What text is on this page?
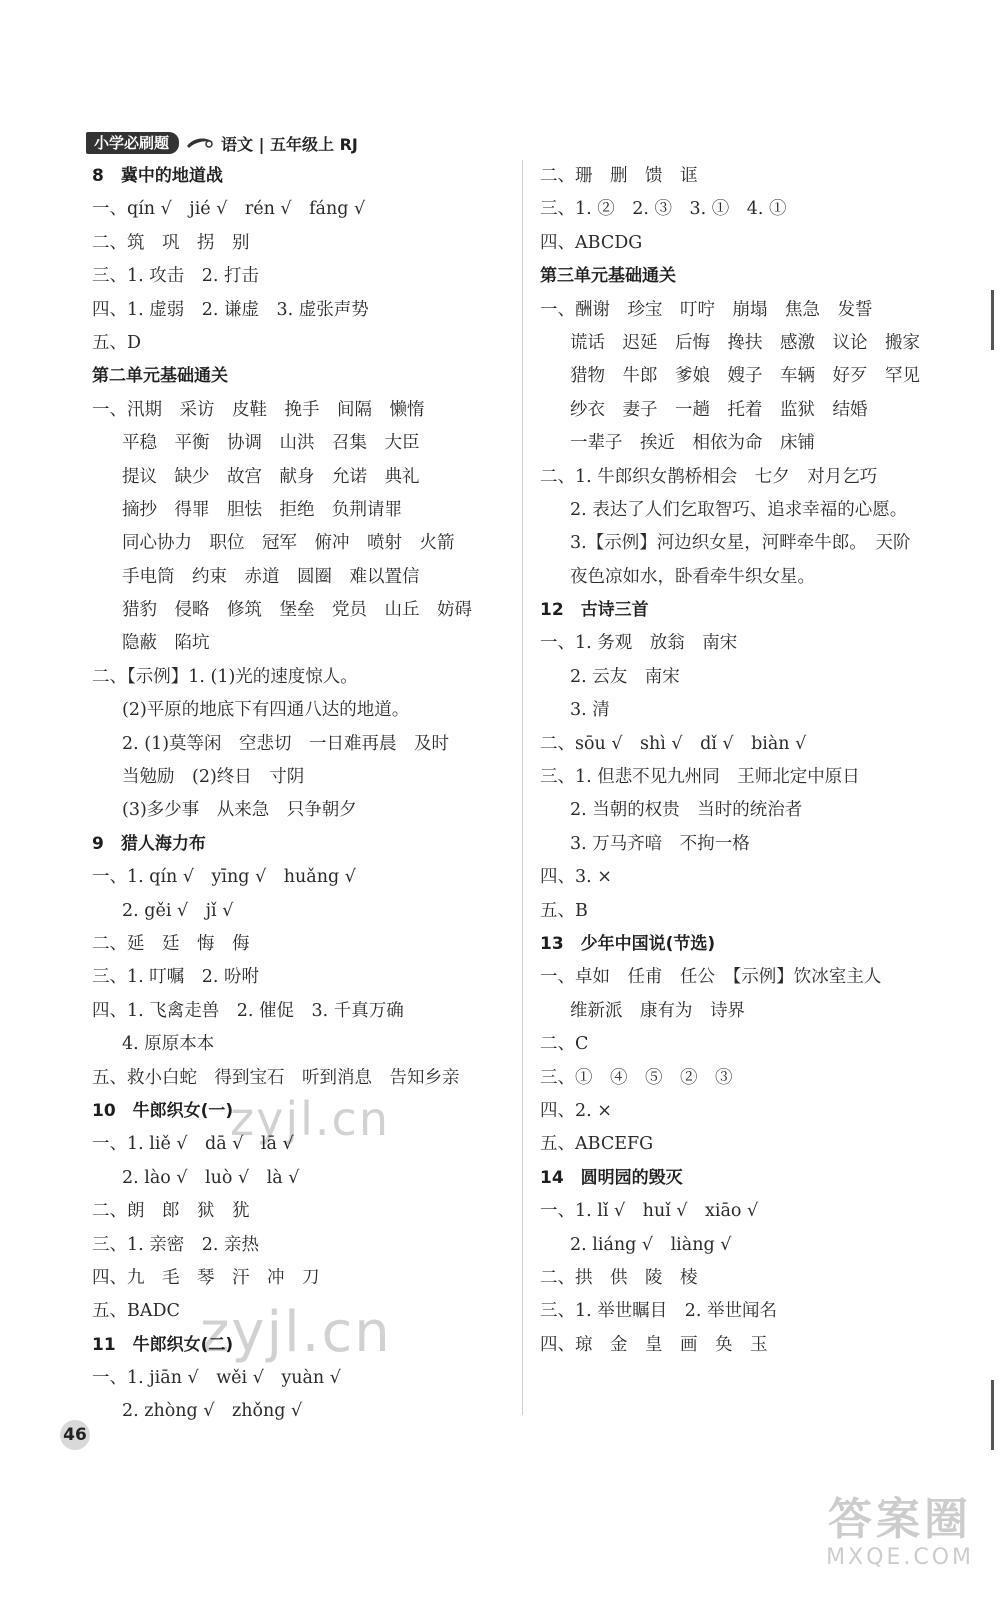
小学必刷题	语文 | 五年级上 RJ
8　冀中的地道战
一、qín √　jié √　rén √　fáng √
二、筑　巩　拐　别
三、1. 攻击　2. 打击
四、1. 虚弱　2. 谦虚　3. 虚张声势
五、D
第二单元基础通关
一、汛期　采访　皮鞋　挽手　间隔　懒惰
平稳　平衡　协调　山洪　召集　大臣
提议　缺少　故宫　献身　允诺　典礼
摘抄　得罪　胆怯　拒绝　负荆请罪
同心协力　职位　冠军　俯冲　喷射　火箭
手电筒　约束　赤道　圆圈　难以置信
猎豹　侵略　修筑　堡垒　党员　山丘　妨碍
隐蔽　陷坑
二、【示例】1. (1)光的速度惊人。
(2)平原的地底下有四通八达的地道。
2. (1)莫等闲　空悲切　一日难再晨　及时
当勉励　(2)终日　寸阴
(3)多少事　从来急　只争朝夕
9　猎人海力布
一、1. qín √　yīng √　huǎng √
2. gěi √　jǐ √
二、延　廷　悔　侮
三、1. 叮嘱　2. 吩咐
四、1. 飞禽走兽　2. 催促　3. 千真万确
4. 原原本本
五、救小白蛇　得到宝石　听到消息　告知乡亲
10　牛郎织女(一)
一、1. liě √　dā √　lā √
2. lào √　luò √　là √
二、朗　郎　狱　犹
三、1. 亲密　2. 亲热
四、九　毛　琴　汗　冲　刀
五、BADC
11　牛郎织女(二)
一、1. jiān √　wěi √　yuàn √
2. zhòng √　zhǒng √
二、珊　删　馈　诓
三、1. ②　2. ③　3. ①　4. ①
四、ABCDG
第三单元基础通关
一、酬谢　珍宝　叮咛　崩塌　焦急　发誓
谎话　迟延　后悔　搀扶　感激　议论　搬家
猎物　牛郎　爹娘　嫂子　车辆　好歹　罕见
纱衣　妻子　一趟　托着　监狱　结婚
一辈子　挨近　相依为命　床铺
二、1. 牛郎织女鹊桥相会　七夕　对月乞巧
2. 表达了人们乞取智巧、追求幸福的心愿。
3.【示例】河边织女星，河畔牵牛郎。　天阶
夜色凉如水，卧看牵牛织女星。
12　古诗三首
一、1. 务观　放翁　南宋
2. 云友　南宋
3. 清
二、sōu √　shì √　dǐ √　biàn √
三、1. 但悲不见九州同　王师北定中原日
2. 当朝的权贵　当时的统治者
3. 万马齐喑　不拘一格
四、3. ×
五、B
13　少年中国说(节选)
一、卓如　任甫　任公　【示例】饮冰室主人
维新派　康有为　诗界
二、C
三、①　④　⑤　②　③
四、2. ×
五、ABCEFG
14　圆明园的毁灭
一、1. lǐ √　huǐ √　xiāo √
2. liáng √　liàng √
二、拱　供　陵　棱
三、1. 举世瞩目　2. 举世闻名
四、琼　金　皇　画　奂　玉
46
zyjl.cn
zyjl.cn
答案圈
MXQE.COM
